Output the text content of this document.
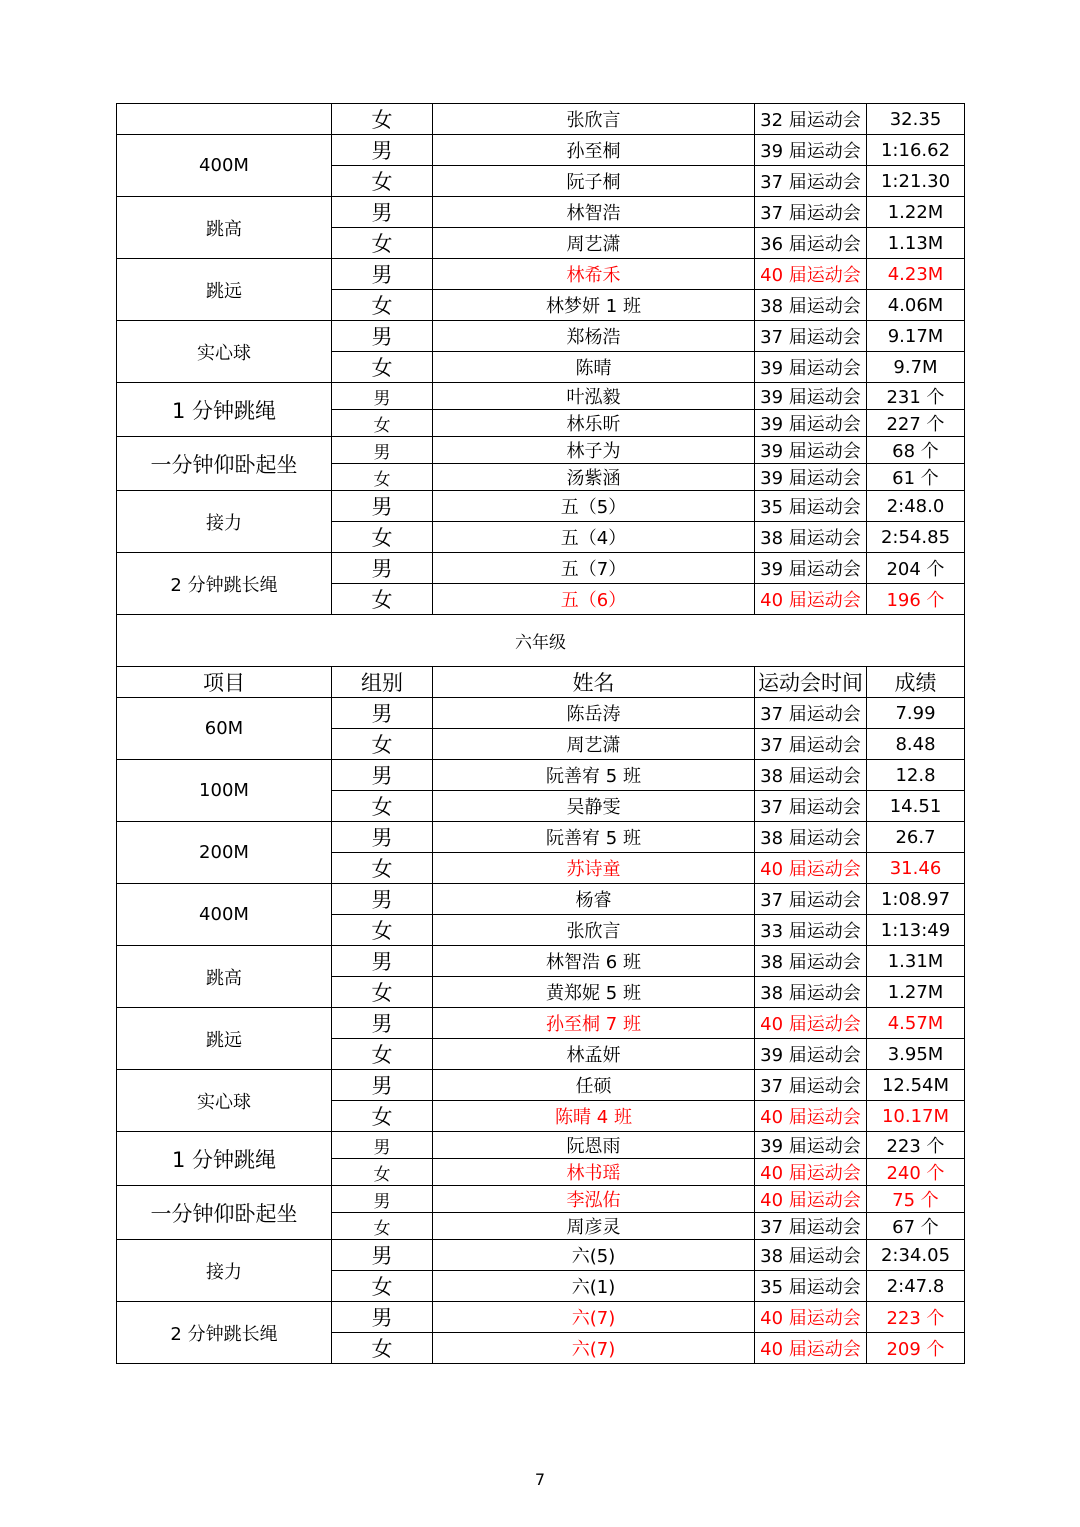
	女	张欣言	32 届运动会	32.35
400M	男	孙至桐	39 届运动会	1:16.62
	女	阮子桐	37 届运动会	1:21.30
跳高	男	林智浩	37 届运动会	1.22M
	女	周艺潇	36 届运动会	1.13M
跳远	男	林希禾	40 届运动会	4.23M
	女	林梦妍 1 班	38 届运动会	4.06M
实心球	男	郑杨浩	37 届运动会	9.17M
	女	陈晴	39 届运动会	9.7M
1 分钟跳绳	男	叶泓毅	39 届运动会	231 个
	女	林乐昕	39 届运动会	227 个
一分钟仰卧起坐	男	林子为	39 届运动会	68 个
	女	汤紫涵	39 届运动会	61 个
接力	男	五（5）	35 届运动会	2:48.0
	女	五（4）	38 届运动会	2:54.85
2 分钟跳长绳	男	五（7）	39 届运动会	204 个
	女	五（6）	40 届运动会	196 个
六年级				
项目	组别	姓名	运动会时间	成绩
60M	男	陈岳涛	37 届运动会	7.99
	女	周艺潇	37 届运动会	8.48
100M	男	阮善宥 5 班	38 届运动会	12.8
	女	吴静雯	37 届运动会	14.51
200M	男	阮善宥 5 班	38 届运动会	26.7
	女	苏诗童	40 届运动会	31.46
400M	男	杨睿	37 届运动会	1:08.97
	女	张欣言	33 届运动会	1:13:49
跳高	男	林智浩 6 班	38 届运动会	1.31M
	女	黄郑妮 5 班	38 届运动会	1.27M
跳远	男	孙至桐 7 班	40 届运动会	4.57M
	女	林孟妍	39 届运动会	3.95M
实心球	男	任硕	37 届运动会	12.54M
	女	陈晴 4 班	40 届运动会	10.17M
1 分钟跳绳	男	阮恩雨	39 届运动会	223 个
	女	林书瑶	40 届运动会	240 个
一分钟仰卧起坐	男	李泓佑	40 届运动会	75 个
	女	周彦灵	37 届运动会	67 个
接力	男	六(5)	38 届运动会	2:34.05
	女	六(1)	35 届运动会	2:47.8
2 分钟跳长绳	男	六(7)	40 届运动会	223 个
	女	六(7)	40 届运动会	209 个
7
